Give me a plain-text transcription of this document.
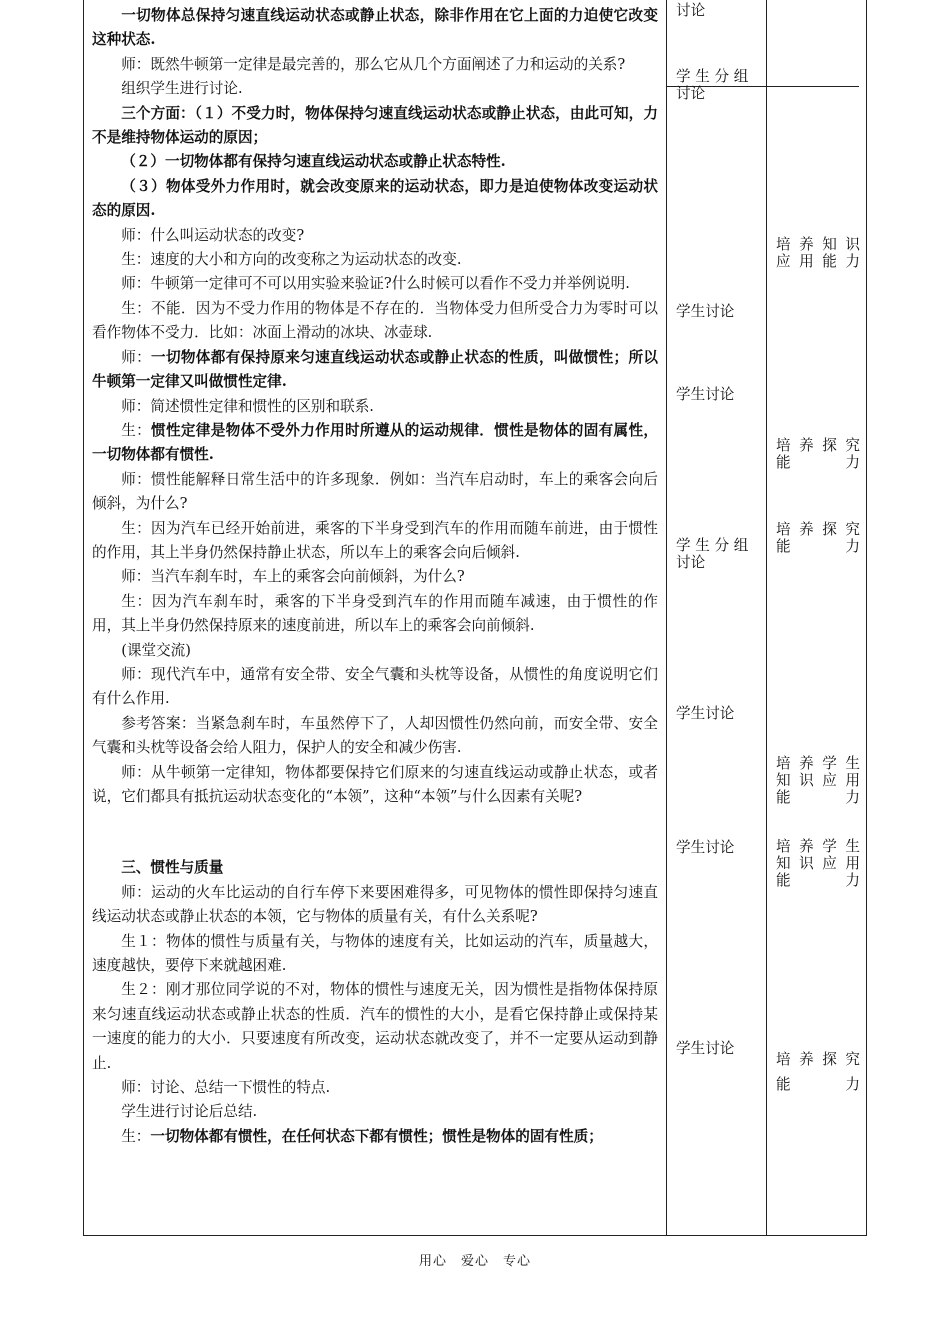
一切物体总保持匀速直线运动状态或静止状态，除非作用在它上面的力迫使它改变这种状态.

师：既然牛顿第一定律是最完善的，那么它从几个方面阐述了力和运动的关系?

组织学生进行讨论.

三个方面：（１）不受力时，物体保持匀速直线运动状态或静止状态，由此可知，力不是维持物体运动的原因；

（２）一切物体都有保持匀速直线运动状态或静止状态特性.

（３）物体受外力作用时，就会改变原来的运动状态，即力是迫使物体改变运动状态的原因.

师：什么叫运动状态的改变?

生：速度的大小和方向的改变称之为运动状态的改变.

师：牛顿第一定律可不可以用实验来验证?什么时候可以看作不受力并举例说明.

生：不能．因为不受力作用的物体是不存在的．当物体受力但所受合力为零时可以看作物体不受力．比如：冰面上滑动的冰块、冰壶球.

师：一切物体都有保持原来匀速直线运动状态或静止状态的性质，叫做惯性；所以牛顿第一定律又叫做惯性定律.

师：简述惯性定律和惯性的区别和联系.

生：惯性定律是物体不受外力作用时所遵从的运动规律．惯性是物体的固有属性，一切物体都有惯性.

师：惯性能解释日常生活中的许多现象．例如：当汽车启动时，车上的乘客会向后倾斜，为什么?

生：因为汽车已经开始前进，乘客的下半身受到汽车的作用而随车前进，由于惯性的作用，其上半身仍然保持静止状态，所以车上的乘客会向后倾斜.

师：当汽车刹车时，车上的乘客会向前倾斜，为什么?

生：因为汽车刹车时，乘客的下半身受到汽车的作用而随车减速，由于惯性的作用，其上半身仍然保持原来的速度前进，所以车上的乘客会向前倾斜.

(课堂交流)

师：现代汽车中，通常有安全带、安全气囊和头枕等设备，从惯性的角度说明它们有什么作用.

参考答案：当紧急刹车时，车虽然停下了，人却因惯性仍然向前，而安全带、安全气囊和头枕等设备会给人阻力，保护人的安全和减少伤害.

师：从牛顿第一定律知，物体都要保持它们原来的匀速直线运动或静止状态，或者说，它们都具有抵抗运动状态变化的“本领”，这种“本领”与什么因素有关呢?

三、惯性与质量

师：运动的火车比运动的自行车停下来要困难得多，可见物体的惯性即保持匀速直线运动状态或静止状态的本领，它与物体的质量有关，有什么关系呢?

生１：物体的惯性与质量有关，与物体的速度有关，比如运动的汽车，质量越大，速度越快，要停下来就越困难.

生２：刚才那位同学说的不对，物体的惯性与速度无关，因为惯性是指物体保持原来匀速直线运动状态或静止状态的性质．汽车的惯性的大小，是看它保持静止或保持某一速度的能力的大小．只要速度有所改变，运动状态就改变了，并不一定要从运动到静止.

师：讨论、总结一下惯性的特点.

学生进行讨论后总结.

生：一切物体都有惯性，在任何状态下都有惯性；惯性是物体的固有性质；

讨论
学 生 分 组
讨论
学生讨论
学生讨论
学 生 分 组
讨论
学生讨论
学生讨论
学生讨论
培养知识
应用能力
培养探究
能力
培养探究
能力
培养学生
知识应用
能力
培养学生
知识应用
能力
培养探究
能力
用心　爱心　专心
